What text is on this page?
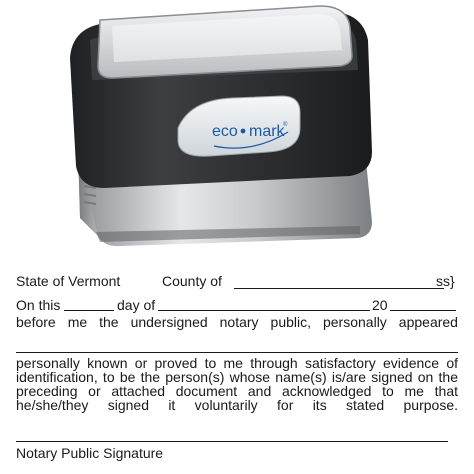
eco mark
®
State of Vermont	County of	ss}
On this	day of	20
before me the undersigned notary public, personally appeared
personally known or proved to me through satisfactory evidence of
identification, to be the person(s) whose name(s) is/are signed on the
preceding or attached document and acknowledged to me that
he/she/they signed it voluntarily for its stated purpose.
Notary Public Signature
